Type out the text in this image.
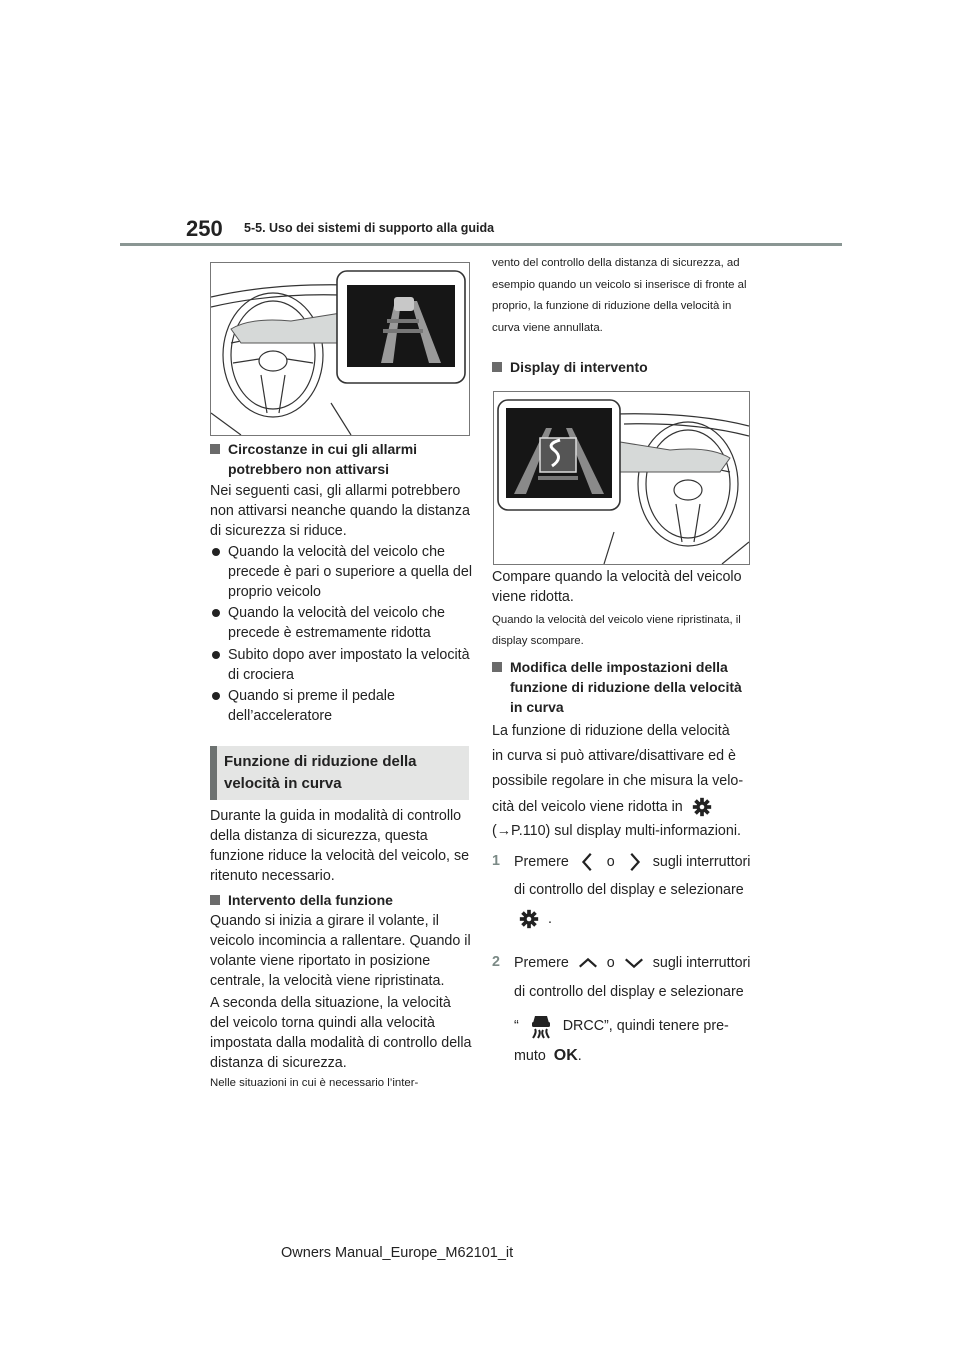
250 5-5. Uso dei sistemi di supporto alla guida
Circostanze in cui gli allarmi potrebbero non attivarsi
Nei seguenti casi, gli allarmi potrebbero non attivarsi neanche quando la distanza di sicurezza si riduce.
Quando la velocità del veicolo che precede è pari o superiore a quella del proprio veicolo
Quando la velocità del veicolo che precede è estremamente ridotta
Subito dopo aver impostato la velocità di crociera
Quando si preme il pedale dell’acceleratore
Funzione di riduzione della velocità in curva
Durante la guida in modalità di controllo della distanza di sicurezza, questa funzione riduce la velocità del veicolo, se ritenuto necessario.
Intervento della funzione
Quando si inizia a girare il volante, il veicolo incomincia a rallentare. Quando il volante viene riportato in posizione centrale, la velocità viene ripristinata.
A seconda della situazione, la velocità del veicolo torna quindi alla velocità impostata dalla modalità di controllo della distanza di sicurezza.
Nelle situazioni in cui è necessario l’inter-
vento del controllo della distanza di sicurezza, ad esempio quando un veicolo si inserisce di fronte al proprio, la funzione di riduzione della velocità in curva viene annullata.
Display di intervento
Compare quando la velocità del veicolo viene ridotta.
Quando la velocità del veicolo viene ripristinata, il display scompare.
Modifica delle impostazioni della funzione di riduzione della velocità in curva
La funzione di riduzione della velocità
in curva si può attivare/disattivare ed è
possibile regolare in che misura la velo-
cità del veicolo viene ridotta in
(→P.110) sul display multi-informazioni.
1 Premere	o	sugli interruttori
di controllo del display e selezionare
.
2 Premere	o	sugli interruttori
di controllo del display e selezionare
“	DRCC”, quindi tenere pre-
muto OK.
Owners Manual_Europe_M62101_it
